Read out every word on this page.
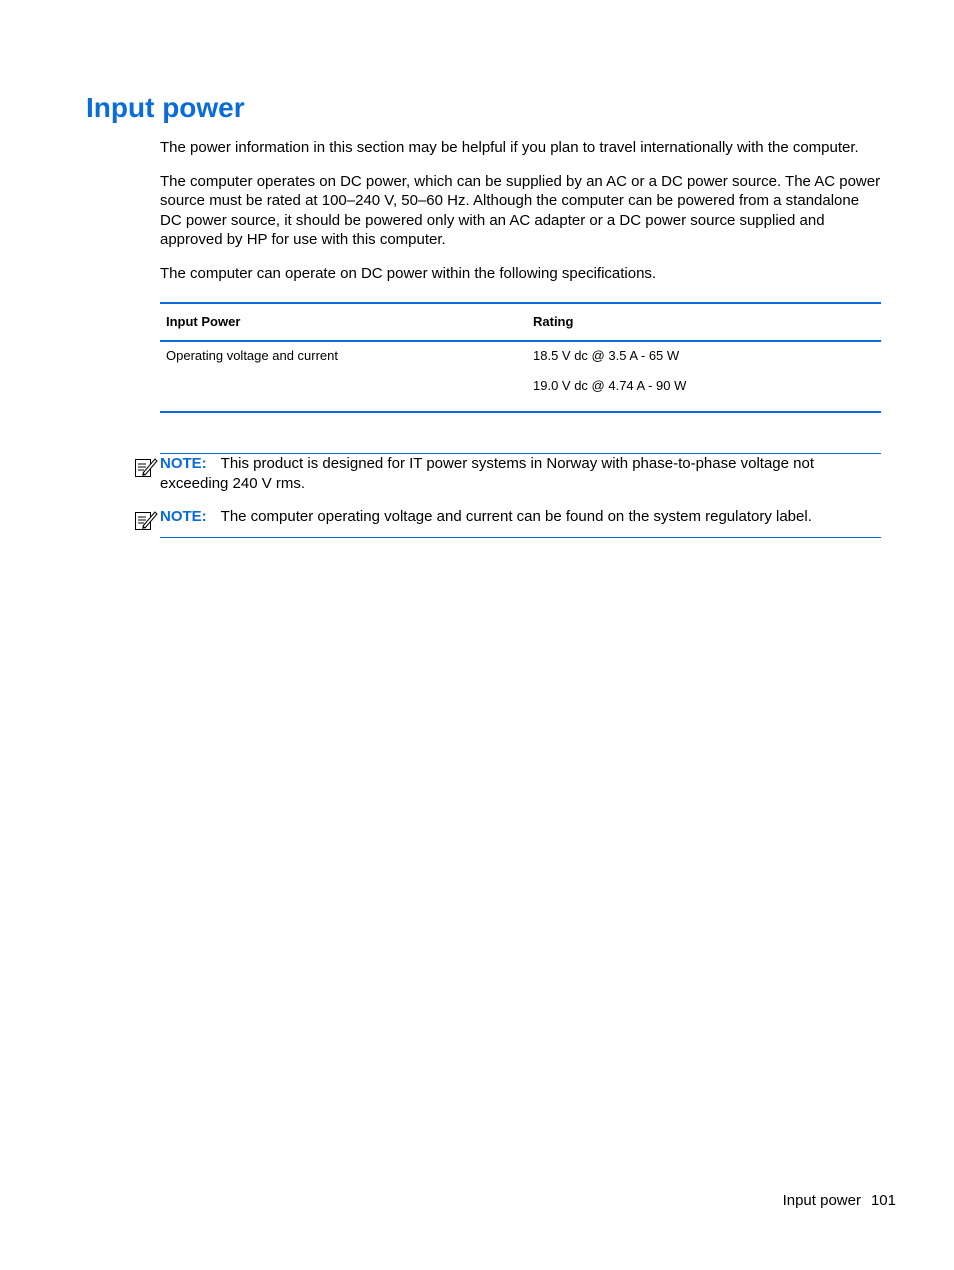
Input power

The power information in this section may be helpful if you plan to travel internationally with the computer.

The computer operates on DC power, which can be supplied by an AC or a DC power source. The AC power source must be rated at 100–240 V, 50–60 Hz. Although the computer can be powered from a standalone DC power source, it should be powered only with an AC adapter or a DC power source supplied and approved by HP for use with this computer.

The computer can operate on DC power within the following specifications.

Input Power	Rating

Operating voltage and current	18.5 V dc @ 3.5 A - 65 W
19.0 V dc @ 4.74 A - 90 W

NOTE: This product is designed for IT power systems in Norway with phase-to-phase voltage not exceeding 240 V rms.

NOTE: The computer operating voltage and current can be found on the system regulatory label.

Input power 101
